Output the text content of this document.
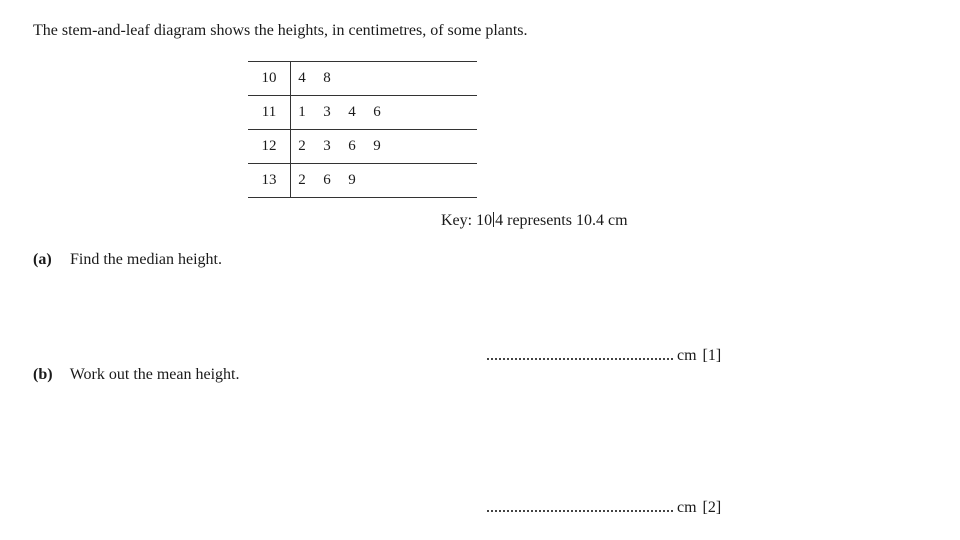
The stem-and-leaf diagram shows the heights, in centimetres, of some plants.
10	4 8
11	1 3 4 6
12	2 3 6 9
13	2 6 9
Key: 10 4 represents 10.4 cm
(a) Find the median height.
cm [1]
(b) Work out the mean height.
cm [2]
